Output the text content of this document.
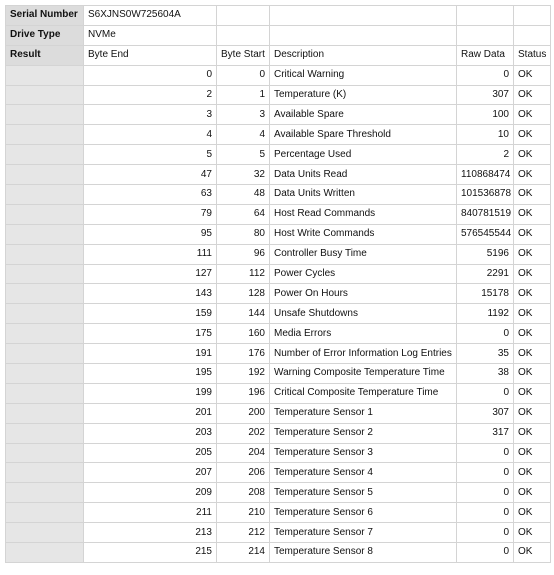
Serial Number	S6XJNS0W725604A				
Drive Type	NVMe				
Result	Byte End	Byte Start	Description	Raw Data	Status
	0	0	Critical Warning	0	OK
	2	1	Temperature (K)	307	OK
	3	3	Available Spare	100	OK
	4	4	Available Spare Threshold	10	OK
	5	5	Percentage Used	2	OK
	47	32	Data Units Read	110868474	OK
	63	48	Data Units Written	101536878	OK
	79	64	Host Read Commands	840781519	OK
	95	80	Host Write Commands	576545544	OK
	111	96	Controller Busy Time	5196	OK
	127	112	Power Cycles	2291	OK
	143	128	Power On Hours	15178	OK
	159	144	Unsafe Shutdowns	1192	OK
	175	160	Media Errors	0	OK
	191	176	Number of Error Information Log Entries	35	OK
	195	192	Warning Composite Temperature Time	38	OK
	199	196	Critical Composite Temperature Time	0	OK
	201	200	Temperature Sensor 1	307	OK
	203	202	Temperature Sensor 2	317	OK
	205	204	Temperature Sensor 3	0	OK
	207	206	Temperature Sensor 4	0	OK
	209	208	Temperature Sensor 5	0	OK
	211	210	Temperature Sensor 6	0	OK
	213	212	Temperature Sensor 7	0	OK
	215	214	Temperature Sensor 8	0	OK
